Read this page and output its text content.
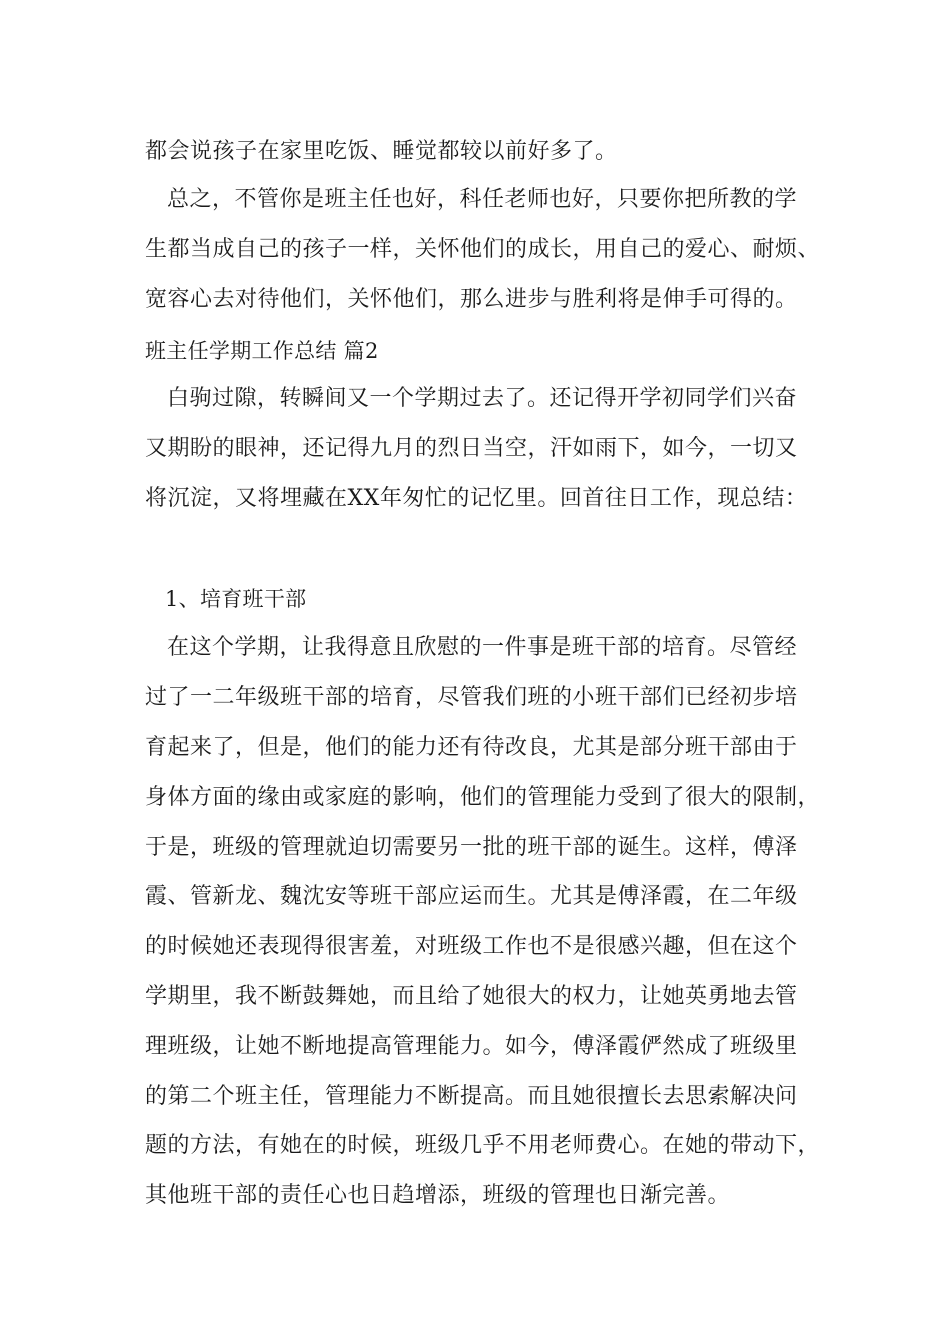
都会说孩子在家里吃饭、睡觉都较以前好多了。
总之，不管你是班主任也好，科任老师也好，只要你把所教的学
生都当成自己的孩子一样，关怀他们的成长，用自己的爱心、耐烦、
宽容心去对待他们，关怀他们，那么进步与胜利将是伸手可得的。
班主任学期工作总结 篇2
白驹过隙，转瞬间又一个学期过去了。还记得开学初同学们兴奋
又期盼的眼神，还记得九月的烈日当空，汗如雨下，如今，一切又
将沉淀，又将埋藏在XX年匆忙的记忆里。回首往日工作，现总结：
1、培育班干部
在这个学期，让我得意且欣慰的一件事是班干部的培育。尽管经
过了一二年级班干部的培育，尽管我们班的小班干部们已经初步培
育起来了，但是，他们的能力还有待改良，尤其是部分班干部由于
身体方面的缘由或家庭的影响，他们的管理能力受到了很大的限制，
于是，班级的管理就迫切需要另一批的班干部的诞生。这样，傅泽
霞、管新龙、魏沈安等班干部应运而生。尤其是傅泽霞，在二年级
的时候她还表现得很害羞，对班级工作也不是很感兴趣，但在这个
学期里，我不断鼓舞她，而且给了她很大的权力，让她英勇地去管
理班级，让她不断地提高管理能力。如今，傅泽霞俨然成了班级里
的第二个班主任，管理能力不断提高。而且她很擅长去思索解决问
题的方法，有她在的时候，班级几乎不用老师费心。在她的带动下，
其他班干部的责任心也日趋增添，班级的管理也日渐完善。
